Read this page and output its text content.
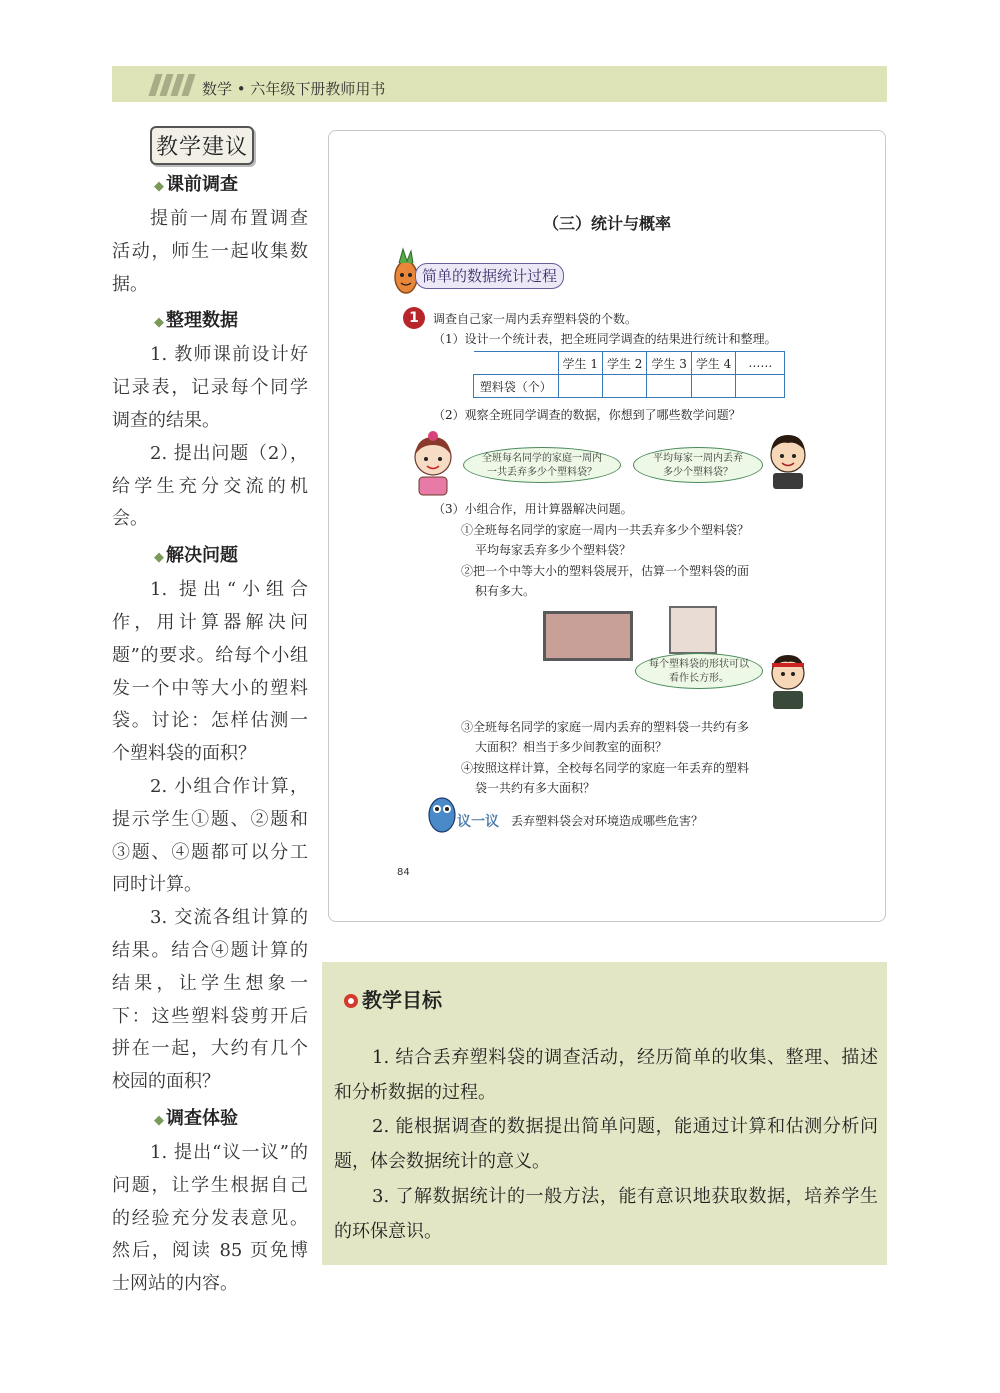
数学 • 六年级下册教师用书
教学建议
◆ 课前调查

提前一周布置调查活动，师生一起收集数据。

◆ 整理数据

1. 教师课前设计好记录表，记录每个同学调查的结果。

2. 提出问题（2），给学生充分交流的机会。

◆ 解决问题

1. 提出“小组合作，用计算器解决问题”的要求。给每个小组发一个中等大小的塑料袋。讨论：怎样估测一个塑料袋的面积？

2. 小组合作计算，提示学生①题、②题和③题、④题都可以分工同时计算。

3. 交流各组计算的结果。结合④题计算的结果，让学生想象一下：这些塑料袋剪开后拼在一起，大约有几个校园的面积？

◆ 调查体验

1. 提出“议一议”的问题，让学生根据自己的经验充分发表意见。然后，阅读 85 页免博士网站的内容。

（三）统计与概率
简单的数据统计过程
1	调查自己家一周内丢弃塑料袋的个数。
（1）设计一个统计表，把全班同学调查的结果进行统计和整理。
	学生 1	学生 2	学生 3	学生 4	……
塑料袋（个）					
（2）观察全班同学调查的数据，你想到了哪些数学问题？
全班每名同学的家庭一周内
一共丢弃多少个塑料袋？
平均每家一周内丢弃
多少个塑料袋？
（3）小组合作，用计算器解决问题。
①全班每名同学的家庭一周内一共丢弃多少个塑料袋？
平均每家丢弃多少个塑料袋？
②把一个中等大小的塑料袋展开，估算一个塑料袋的面
积有多大。
每个塑料袋的形状可以
看作长方形。
③全班每名同学的家庭一周内丢弃的塑料袋一共约有多
大面积？相当于多少间教室的面积？
④按照这样计算，全校每名同学的家庭一年丢弃的塑料
袋一共约有多大面积？
议一议 丢弃塑料袋会对环境造成哪些危害？
84
教学目标

1. 结合丢弃塑料袋的调查活动，经历简单的收集、整理、描述和分析数据的过程。

2. 能根据调查的数据提出简单问题，能通过计算和估测分析问题，体会数据统计的意义。

3. 了解数据统计的一般方法，能有意识地获取数据，培养学生的环保意识。
